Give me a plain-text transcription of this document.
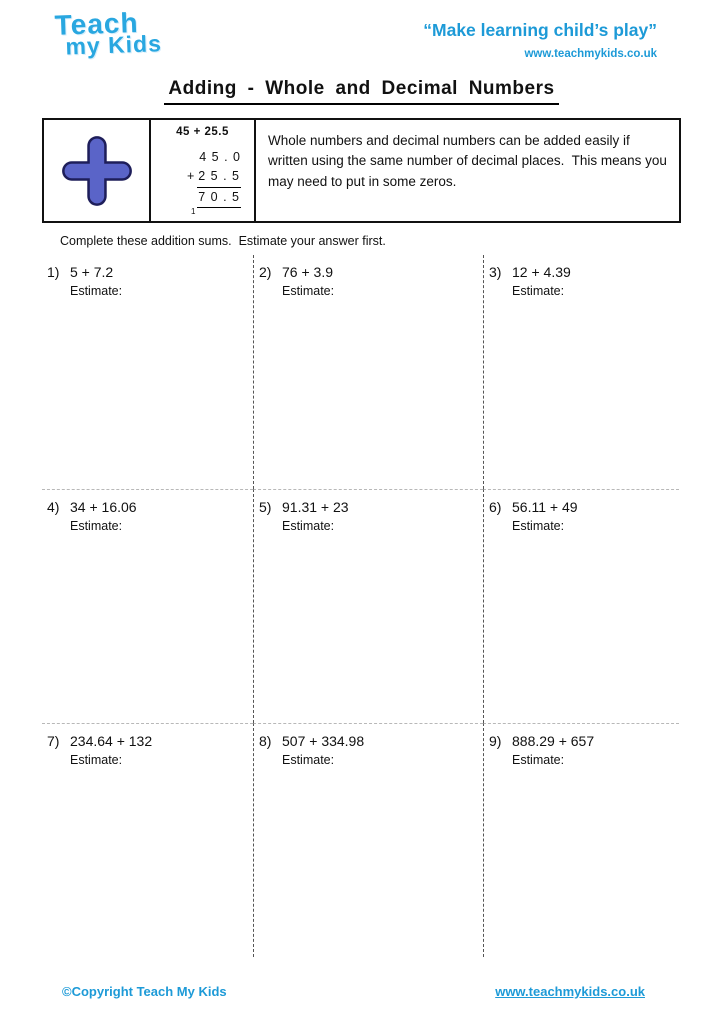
Teach
my Kids
“Make learning child’s play”
www.teachmykids.co.uk
Adding - Whole and Decimal Numbers
45 + 25.5
4 5 . 0
+ 2 5 . 5
7 0 . 5
1
Whole numbers and decimal numbers can be added easily if written using the same number of decimal places.  This means you may need to put in some zeros.
Complete these addition sums.  Estimate your answer first.
1) 5 + 7.2
Estimate:
2) 76 + 3.9
Estimate:
3) 12 + 4.39
Estimate:
4) 34 + 16.06
Estimate:
5) 91.31 + 23
Estimate:
6) 56.11 + 49
Estimate:
7) 234.64 + 132
Estimate:
8) 507 + 334.98
Estimate:
9) 888.29 + 657
Estimate:
©Copyright Teach My Kids	www.teachmykids.co.uk
